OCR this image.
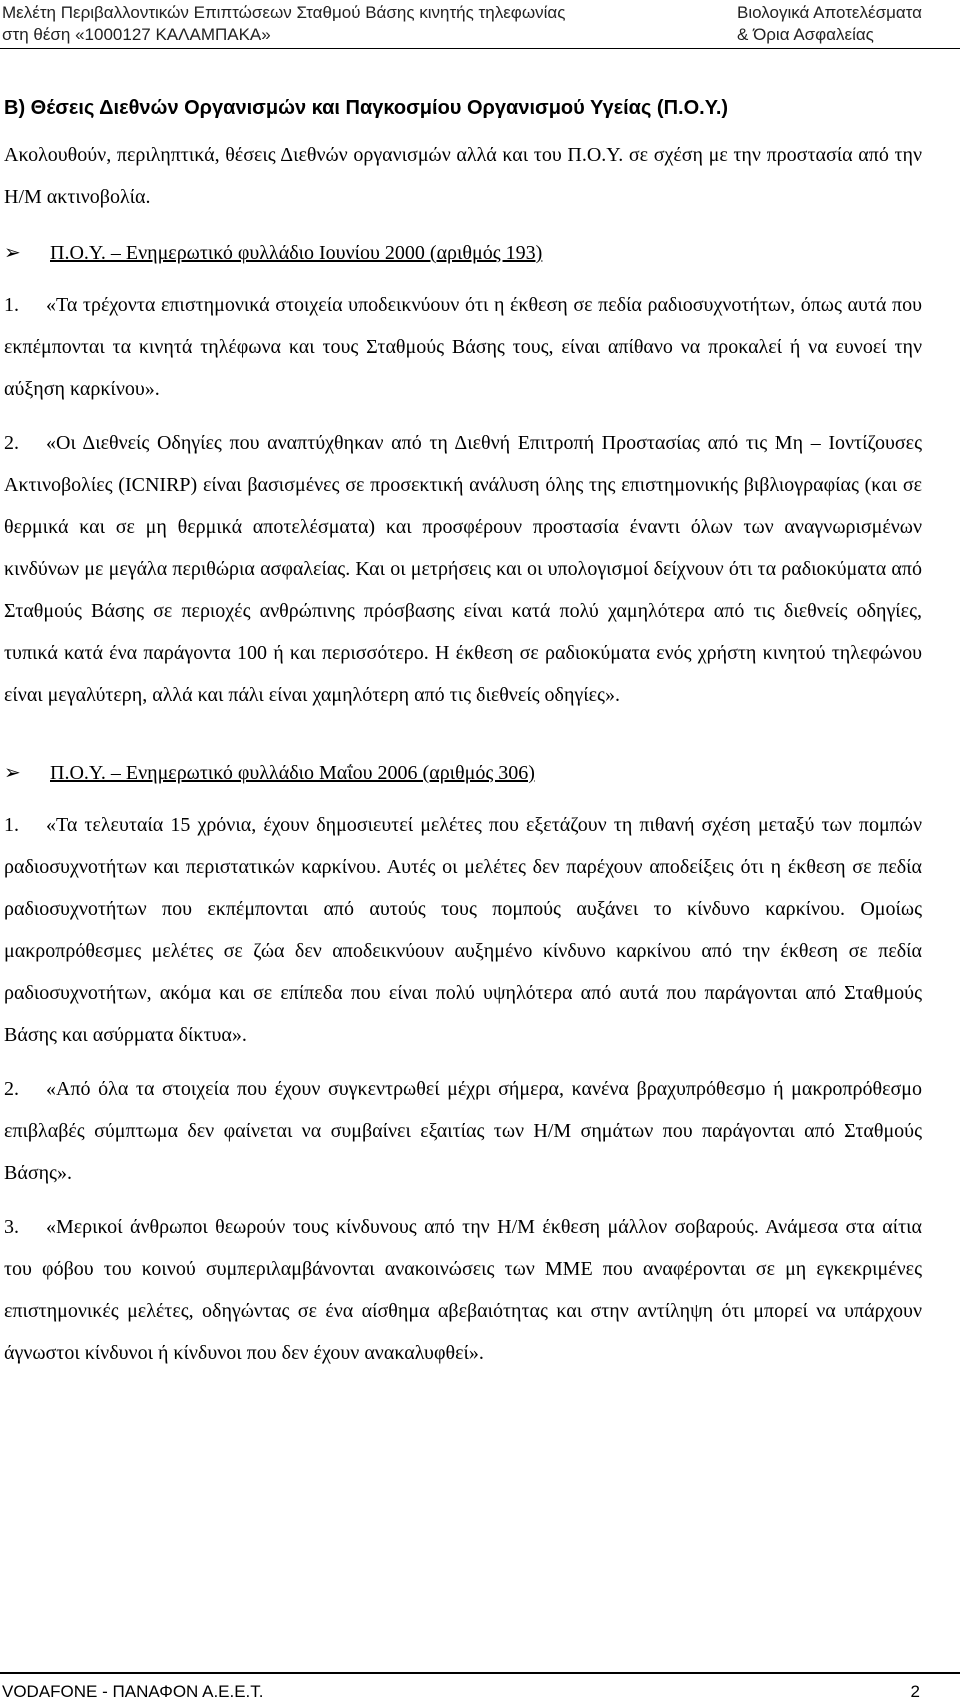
Μελέτη Περιβαλλοντικών Επιπτώσεων Σταθμού Βάσης κινητής τηλεφωνίας
στη θέση «1000127 ΚΑΛΑΜΠΑΚΑ»
Βιολογικά Αποτελέσματα
& Όρια Ασφαλείας
Β) Θέσεις Διεθνών Οργανισμών και Παγκοσμίου Οργανισμού Υγείας (Π.Ο.Υ.)

Ακολουθούν, περιληπτικά, θέσεις Διεθνών οργανισμών αλλά και του Π.Ο.Υ. σε σχέση με την προστασία από την Η/Μ ακτινοβολία.

➢	Π.Ο.Υ. – Ενημερωτικό φυλλάδιο Ιουνίου 2000 (αριθμός 193)

1. «Τα τρέχοντα επιστημονικά στοιχεία υποδεικνύουν ότι η έκθεση σε πεδία ραδιοσυχνοτήτων, όπως αυτά που εκπέμπονται τα κινητά τηλέφωνα και τους Σταθμούς Βάσης τους, είναι απίθανο να προκαλεί ή να ευνοεί την αύξηση καρκίνου».

2. «Οι Διεθνείς Οδηγίες που αναπτύχθηκαν από τη Διεθνή Επιτροπή Προστασίας από τις Μη – Ιοντίζουσες Ακτινοβολίες (ICNIRP) είναι βασισμένες σε προσεκτική ανάλυση όλης της επιστημονικής βιβλιογραφίας (και σε θερμικά και σε μη θερμικά αποτελέσματα) και προσφέρουν προστασία έναντι όλων των αναγνωρισμένων κινδύνων με μεγάλα περιθώρια ασφαλείας. Και οι μετρήσεις και οι υπολογισμοί δείχνουν ότι τα ραδιοκύματα από Σταθμούς Βάσης σε περιοχές ανθρώπινης πρόσβασης είναι κατά πολύ χαμηλότερα από τις διεθνείς οδηγίες, τυπικά κατά ένα παράγοντα 100 ή και περισσότερο. Η έκθεση σε ραδιοκύματα ενός χρήστη κινητού τηλεφώνου είναι μεγαλύτερη, αλλά και πάλι είναι χαμηλότερη από τις διεθνείς οδηγίες».

➢	Π.Ο.Υ. – Ενημερωτικό φυλλάδιο Μαΐου 2006 (αριθμός 306)

1. «Τα τελευταία 15 χρόνια, έχουν δημοσιευτεί μελέτες που εξετάζουν τη πιθανή σχέση μεταξύ των πομπών ραδιοσυχνοτήτων και περιστατικών καρκίνου. Αυτές οι μελέτες δεν παρέχουν αποδείξεις ότι η έκθεση σε πεδία ραδιοσυχνοτήτων που εκπέμπονται από αυτούς τους πομπούς αυξάνει το κίνδυνο καρκίνου. Ομοίως μακροπρόθεσμες μελέτες σε ζώα δεν αποδεικνύουν αυξημένο κίνδυνο καρκίνου από την έκθεση σε πεδία ραδιοσυχνοτήτων, ακόμα και σε επίπεδα που είναι πολύ υψηλότερα από αυτά που παράγονται από Σταθμούς Βάσης και ασύρματα δίκτυα».

2. «Από όλα τα στοιχεία που έχουν συγκεντρωθεί μέχρι σήμερα, κανένα βραχυπρόθεσμο ή μακροπρόθεσμο επιβλαβές σύμπτωμα δεν φαίνεται να συμβαίνει εξαιτίας των Η/Μ σημάτων που παράγονται από Σταθμούς Βάσης».

3. «Μερικοί άνθρωποι θεωρούν τους κίνδυνους από την Η/Μ έκθεση μάλλον σοβαρούς. Ανάμεσα στα αίτια του φόβου του κοινού συμπεριλαμβάνονται ανακοινώσεις των ΜΜΕ που αναφέρονται σε μη εγκεκριμένες επιστημονικές μελέτες, οδηγώντας σε ένα αίσθημα αβεβαιότητας και στην αντίληψη ότι μπορεί να υπάρχουν άγνωστοι κίνδυνοι ή κίνδυνοι που δεν έχουν ανακαλυφθεί».

VODAFONE - ΠΑΝΑΦΟΝ Α.Ε.Ε.Τ.	2
